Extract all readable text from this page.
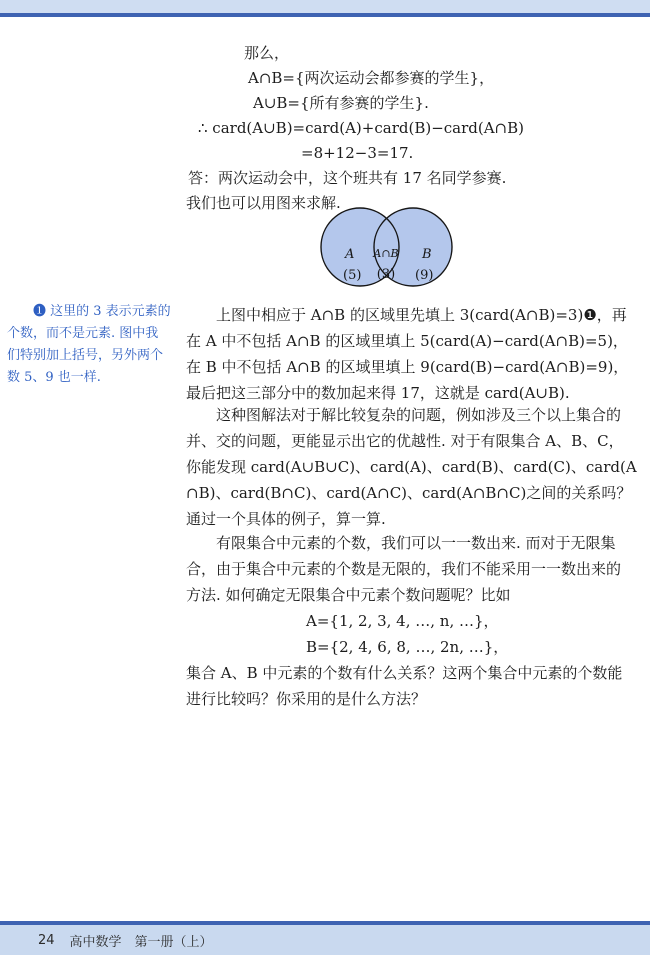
那么，
A∩B={两次运动会都参赛的学生}，
A∪B={所有参赛的学生}.
∴ card(A∪B)=card(A)+card(B)−card(A∩B)
=8+12−3=17.
答：两次运动会中，这个班共有 17 名同学参赛.
我们也可以用图来求解.
A
(5)
A∩B
(3)
B
(9)
❶ 这里的 3 表示元素的
个数，而不是元素. 图中我
们特别加上括号，另外两个
数 5、9 也一样.
上图中相应于 A∩B 的区域里先填上 3(card(A∩B)=3)❶，再
在 A 中不包括 A∩B 的区域里填上 5(card(A)−card(A∩B)=5)，
在 B 中不包括 A∩B 的区域里填上 9(card(B)−card(A∩B)=9)，
最后把这三部分中的数加起来得 17，这就是 card(A∪B).
这种图解法对于解比较复杂的问题，例如涉及三个以上集合的
并、交的问题，更能显示出它的优越性. 对于有限集合 A、B、C，
你能发现 card(A∪B∪C)、card(A)、card(B)、card(C)、card(A
∩B)、card(B∩C)、card(A∩C)、card(A∩B∩C)之间的关系吗？
通过一个具体的例子，算一算.
有限集合中元素的个数，我们可以一一数出来. 而对于无限集
合，由于集合中元素的个数是无限的，我们不能采用一一数出来的
方法. 如何确定无限集合中元素个数问题呢？比如
A={1, 2, 3, 4, …, n, …}，
B={2, 4, 6, 8, …, 2n, …}，
集合 A、B 中元素的个数有什么关系？这两个集合中元素的个数能
进行比较吗？你采用的是什么方法？
24 高中数学　第一册（上）
